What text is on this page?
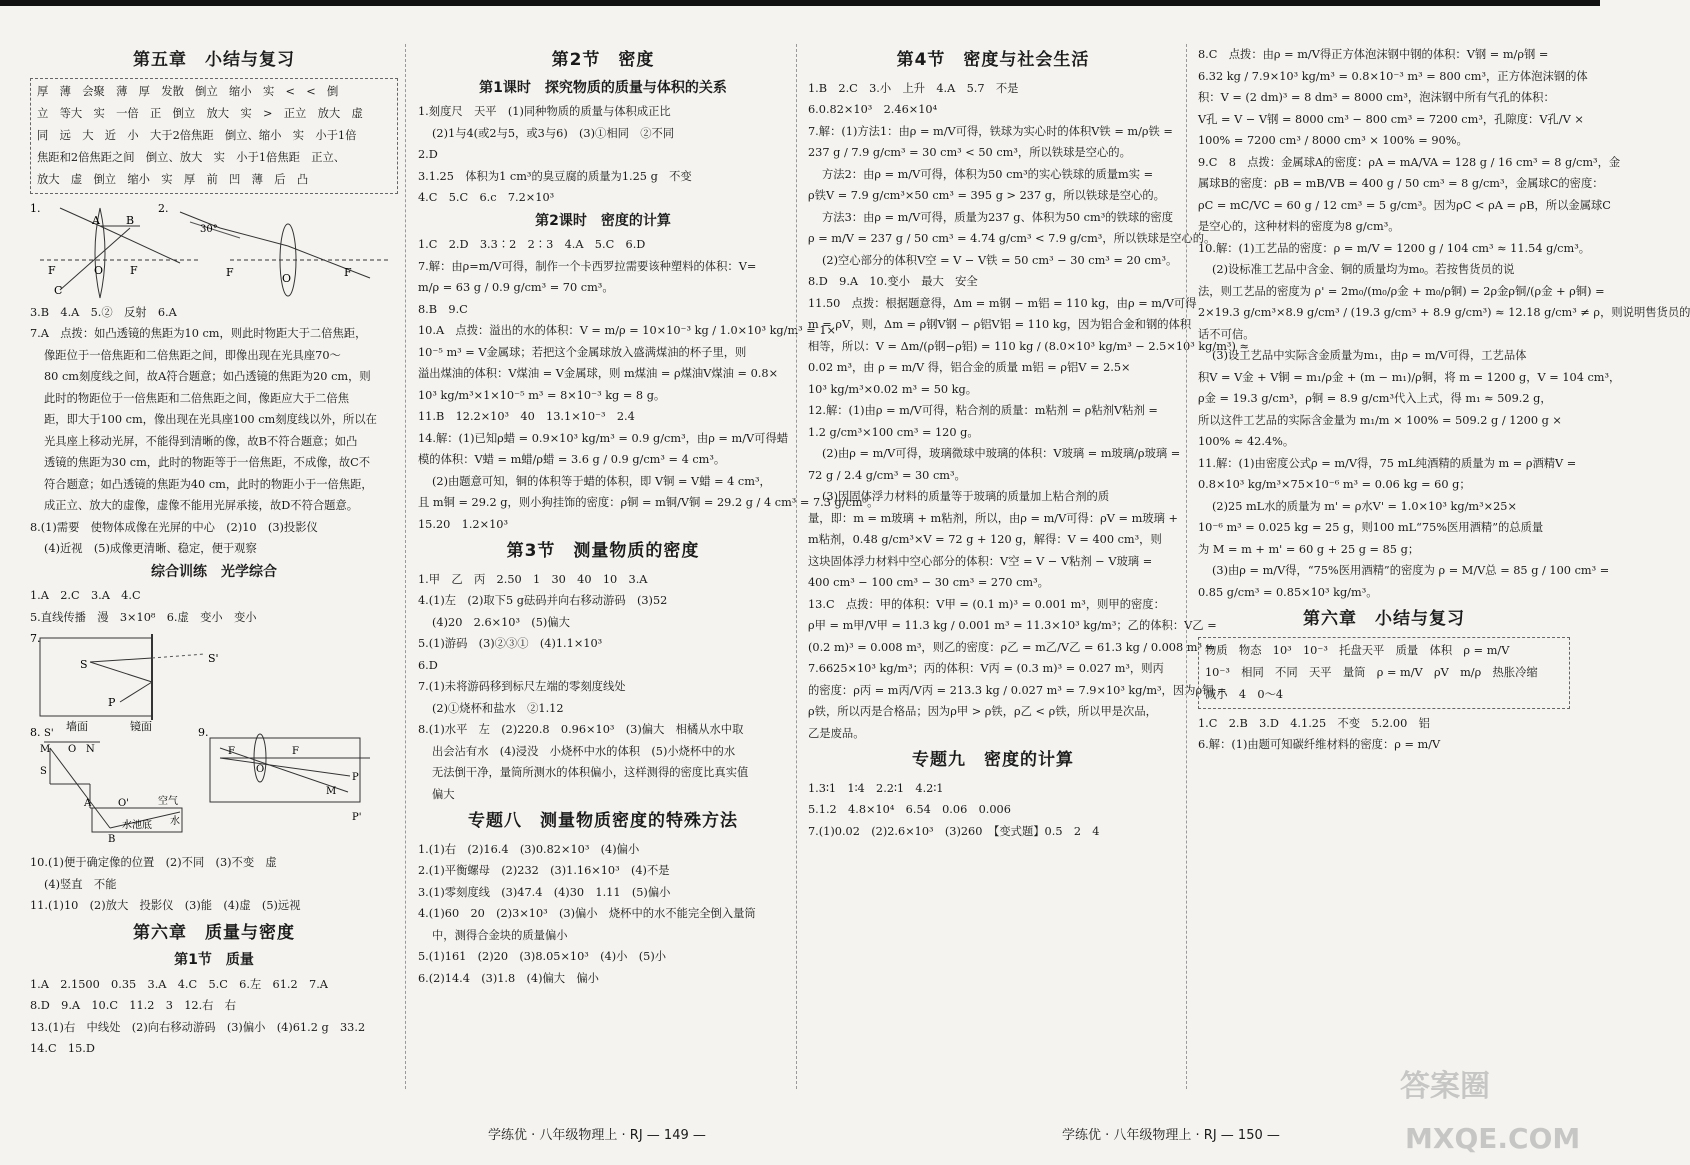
第五章　小结与复习
厚　薄　会聚　薄　厚　发散　倒立　缩小　实　<　<　倒
立　等大　实　一倍　正　倒立　放大　实　>　正立　放大　虚
同　远　大　近　小　大于2倍焦距　倒立、缩小　实　小于1倍
焦距和2倍焦距之间　倒立、放大　实　小于1倍焦距　正立、
放大　虚　倒立　缩小　实　厚　前　凹　薄　后　凸
1.
A B
C
F	O F
2.
30°
F	O	F
3.B　4.A　5.②　反射　6.A
7.A　点拨：如凸透镜的焦距为10 cm，则此时物距大于二倍焦距，
像距位于一倍焦距和二倍焦距之间，即像出现在光具座70～
80 cm刻度线之间，故A符合题意；如凸透镜的焦距为20 cm，则
此时的物距位于一倍焦距和二倍焦距之间，像距应大于二倍焦
距，即大于100 cm，像出现在光具座100 cm刻度线以外，所以在
光具座上移动光屏，不能得到清晰的像，故B不符合题意；如凸
透镜的焦距为30 cm，此时的物距等于一倍焦距，不成像，故C不
符合题意；如凸透镜的焦距为40 cm，此时的物距小于一倍焦距，
成正立、放大的虚像，虚像不能用光屏承接，故D不符合题意。
8.(1)需要　使物体成像在光屏的中心　(2)10　(3)投影仪
(4)近视　(5)成像更清晰、稳定，便于观察
综合训练　光学综合
1.A　2.C　3.A　4.C
5.直线传播　漫　3×10⁸　6.虚　变小　变小
7.
S	S'
P
墙面	镜面
8. S'
M O N
S
A	O'	空气
水
水池底
B
9.
F
O
F
P
M
P'
10.(1)便于确定像的位置　(2)不同　(3)不变　虚
(4)竖直　不能
11.(1)10　(2)放大　投影仪　(3)能　(4)虚　(5)远视
第六章　质量与密度
第1节　质量
1.A　2.1500　0.35　3.A　4.C　5.C　6.左　61.2　7.A
8.D　9.A　10.C　11.2　3　12.右　右
13.(1)右　中线处　(2)向右移动游码　(3)偏小　(4)61.2 g　33.2
14.C　15.D
第2节　密度
第1课时　探究物质的质量与体积的关系
1.刻度尺　天平　(1)同种物质的质量与体积成正比
(2)1与4(或2与5，或3与6)　(3)①相同　②不同
2.D
3.1.25　体积为1 cm³的臭豆腐的质量为1.25 g　不变
4.C　5.C　6.c　7.2×10³
第2课时　密度的计算
1.C　2.D　3.3∶2　2∶3　4.A　5.C　6.D
7.解：由ρ=m/V可得，制作一个卡西罗拉需要该种塑料的体积：V=
m/ρ = 63 g / 0.9 g/cm³ = 70 cm³。
8.B　9.C
10.A　点拨：溢出的水的体积：V = m/ρ = 10×10⁻³ kg / 1.0×10³ kg/m³ = 1×
10⁻⁵ m³ = V金属球；若把这个金属球放入盛满煤油的杯子里，则
溢出煤油的体积：V煤油 = V金属球，则 m煤油 = ρ煤油V煤油 = 0.8×
10³ kg/m³×1×10⁻⁵ m³ = 8×10⁻³ kg = 8 g。
11.B　12.2×10³　40　13.1×10⁻³　2.4
14.解：(1)已知ρ蜡 = 0.9×10³ kg/m³ = 0.9 g/cm³，由ρ = m/V可得蜡
模的体积：V蜡 = m蜡/ρ蜡 = 3.6 g / 0.9 g/cm³ = 4 cm³。
(2)由题意可知，铜的体积等于蜡的体积，即 V铜 = V蜡 = 4 cm³，
且 m铜 = 29.2 g，则小狗挂饰的密度：ρ铜 = m铜/V铜 = 29.2 g / 4 cm³ = 7.3 g/cm³。
15.20　1.2×10³
第3节　测量物质的密度
1.甲　乙　丙　2.50　1　30　40　10　3.A
4.(1)左　(2)取下5 g砝码并向右移动游码　(3)52
(4)20　2.6×10³　(5)偏大
5.(1)游码　(3)②③①　(4)1.1×10³
6.D
7.(1)未将游码移到标尺左端的零刻度线处
(2)①烧杯和盐水　②1.12
8.(1)水平　左　(2)220.8　0.96×10³　(3)偏大　相橘从水中取
出会沾有水　(4)浸没　小烧杯中水的体积　(5)小烧杯中的水
无法倒干净，量筒所测水的体积偏小，这样测得的密度比真实值
偏大
专题八　测量物质密度的特殊方法
1.(1)右　(2)16.4　(3)0.82×10³　(4)偏小
2.(1)平衡螺母　(2)232　(3)1.16×10³　(4)不是
3.(1)零刻度线　(3)47.4　(4)30　1.11　(5)偏小
4.(1)60　20　(2)3×10³　(3)偏小　烧杯中的水不能完全倒入量筒
中，测得合金块的质量偏小
5.(1)161　(2)20　(3)8.05×10³　(4)小　(5)小
6.(2)14.4　(3)1.8　(4)偏大　偏小
第4节　密度与社会生活
1.B　2.C　3.小　上升　4.A　5.7　不是
6.0.82×10³　2.46×10⁴
7.解：(1)方法1：由ρ = m/V可得，铁球为实心时的体积V铁 = m/ρ铁 =
237 g / 7.9 g/cm³ = 30 cm³ < 50 cm³，所以铁球是空心的。
方法2：由ρ = m/V可得，体积为50 cm³的实心铁球的质量m实 =
ρ铁V = 7.9 g/cm³×50 cm³ = 395 g > 237 g，所以铁球是空心的。
方法3：由ρ = m/V可得，质量为237 g、体积为50 cm³的铁球的密度
ρ = m/V = 237 g / 50 cm³ = 4.74 g/cm³ < 7.9 g/cm³，所以铁球是空心的。
(2)空心部分的体积V空 = V − V铁 = 50 cm³ − 30 cm³ = 20 cm³。
8.D　9.A　10.变小　最大　安全
11.50　点拨：根据题意得，Δm = m钢 − m铝 = 110 kg，由ρ = m/V可得
m = ρV，则，Δm = ρ钢V钢 − ρ铝V铝 = 110 kg，因为铝合金和钢的体积
相等，所以：V = Δm/(ρ钢−ρ铝) = 110 kg / (8.0×10³ kg/m³ − 2.5×10³ kg/m³) ≈
0.02 m³，由 ρ = m/V 得，铝合金的质量 m铝 = ρ铝V = 2.5×
10³ kg/m³×0.02 m³ = 50 kg。
12.解：(1)由ρ = m/V可得，粘合剂的质量：m粘剂 = ρ粘剂V粘剂 =
1.2 g/cm³×100 cm³ = 120 g。
(2)由ρ = m/V可得，玻璃微球中玻璃的体积：V玻璃 = m玻璃/ρ玻璃 =
72 g / 2.4 g/cm³ = 30 cm³。
(3)因固体浮力材料的质量等于玻璃的质量加上粘合剂的质
量，即：m = m玻璃 + m粘剂，所以，由ρ = m/V可得：ρV = m玻璃 +
m粘剂，0.48 g/cm³×V = 72 g + 120 g，解得：V = 400 cm³，则
这块固体浮力材料中空心部分的体积：V空 = V − V粘剂 − V玻璃 =
400 cm³ − 100 cm³ − 30 cm³ = 270 cm³。
13.C　点拨：甲的体积：V甲 = (0.1 m)³ = 0.001 m³，则甲的密度：
ρ甲 = m甲/V甲 = 11.3 kg / 0.001 m³ = 11.3×10³ kg/m³；乙的体积：V乙 =
(0.2 m)³ = 0.008 m³，则乙的密度：ρ乙 = m乙/V乙 = 61.3 kg / 0.008 m³ =
7.6625×10³ kg/m³；丙的体积：V丙 = (0.3 m)³ = 0.027 m³，则丙
的密度：ρ丙 = m丙/V丙 = 213.3 kg / 0.027 m³ = 7.9×10³ kg/m³，因为ρ铜 =
ρ铁，所以丙是合格品；因为ρ甲 > ρ铁，ρ乙 < ρ铁，所以甲是次品，
乙是废品。
专题九　密度的计算
1.3∶1　1∶4　2.2∶1　4.2∶1
5.1.2　4.8×10⁴　6.54　0.06　0.006
7.(1)0.02　(2)2.6×10³　(3)260　【变式题】0.5　2　4
8.C　点拨：由ρ = m/V得正方体泡沫钢中钢的体积：V钢 = m/ρ钢 =
6.32 kg / 7.9×10³ kg/m³ = 0.8×10⁻³ m³ = 800 cm³，正方体泡沫钢的体
积：V = (2 dm)³ = 8 dm³ = 8000 cm³，泡沫钢中所有气孔的体积：
V孔 = V − V钢 = 8000 cm³ − 800 cm³ = 7200 cm³，孔隙度：V孔/V ×
100% = 7200 cm³ / 8000 cm³ × 100% = 90%。
9.C　8　点拨：金属球A的密度：ρA = mA/VA = 128 g / 16 cm³ = 8 g/cm³，金
属球B的密度：ρB = mB/VB = 400 g / 50 cm³ = 8 g/cm³，金属球C的密度：
ρC = mC/VC = 60 g / 12 cm³ = 5 g/cm³。因为ρC < ρA = ρB，所以金属球C
是空心的，这种材料的密度为8 g/cm³。
10.解：(1)工艺品的密度：ρ = m/V = 1200 g / 104 cm³ ≈ 11.54 g/cm³。
(2)设标准工艺品中含金、铜的质量均为m₀。若按售货员的说
法，则工艺品的密度为 ρ' = 2m₀/(m₀/ρ金 + m₀/ρ铜) = 2ρ金ρ铜/(ρ金 + ρ铜) =
2×19.3 g/cm³×8.9 g/cm³ / (19.3 g/cm³ + 8.9 g/cm³) ≈ 12.18 g/cm³ ≠ ρ，则说明售货员的
话不可信。
(3)设工艺品中实际含金质量为m₁，由ρ = m/V可得，工艺品体
积V = V金 + V铜 = m₁/ρ金 + (m − m₁)/ρ铜，将 m = 1200 g，V = 104 cm³，
ρ金 = 19.3 g/cm³，ρ铜 = 8.9 g/cm³代入上式，得 m₁ ≈ 509.2 g，
所以这件工艺品的实际含金量为 m₁/m × 100% = 509.2 g / 1200 g ×
100% ≈ 42.4%。
11.解：(1)由密度公式ρ = m/V得，75 mL纯酒精的质量为 m = ρ酒精V =
0.8×10³ kg/m³×75×10⁻⁶ m³ = 0.06 kg = 60 g；
(2)25 mL水的质量为 m' = ρ水V' = 1.0×10³ kg/m³×25×
10⁻⁶ m³ = 0.025 kg = 25 g，则100 mL“75%医用酒精”的总质量
为 M = m + m' = 60 g + 25 g = 85 g；
(3)由ρ = m/V得，“75%医用酒精”的密度为 ρ = M/V总 = 85 g / 100 cm³ =
0.85 g/cm³ = 0.85×10³ kg/m³。
第六章　小结与复习
物质　物态　10³　10⁻³　托盘天平　质量　体积　ρ = m/V
10⁻³　相同　不同　天平　量筒　ρ = m/V　ρV　m/ρ　热胀冷缩
减小　4　0～4
1.C　2.B　3.D　4.1.25　不变　5.2.00　铝
6.解：(1)由题可知碳纤维材料的密度：ρ = m/V
学练优 · 八年级物理上 · RJ — 149 —	学练优 · 八年级物理上 · RJ — 150 —
答案圈
MXQE.COM
